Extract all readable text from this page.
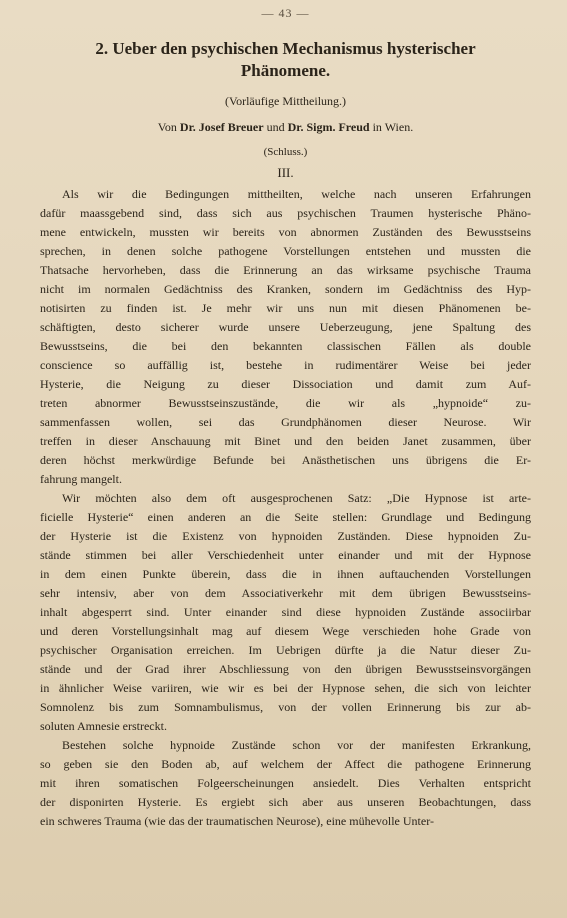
— 43 —
2. Ueber den psychischen Mechanismus hysterischer
Phänomene.
(Vorläufige Mittheilung.)
Von Dr. Josef Breuer und Dr. Sigm. Freud in Wien.
(Schluss.)
III.
Als wir die Bedingungen mittheilten, welche nach unseren Erfahrungen
dafür maassgebend sind, dass sich aus psychischen Traumen hysterische Phäno-
mene entwickeln, mussten wir bereits von abnormen Zuständen des Bewusstseins
sprechen, in denen solche pathogene Vorstellungen entstehen und mussten die
Thatsache hervorheben, dass die Erinnerung an das wirksame psychische Trauma
nicht im normalen Gedächtniss des Kranken, sondern im Gedächtniss des Hyp-
notisirten zu finden ist. Je mehr wir uns nun mit diesen Phänomenen be-
schäftigten, desto sicherer wurde unsere Ueberzeugung, jene Spaltung des
Bewusstseins, die bei den bekannten classischen Fällen als double
conscience so auffällig ist, bestehe in rudimentärer Weise bei jeder
Hysterie, die Neigung zu dieser Dissociation und damit zum Auf-
treten abnormer Bewusstseinszustände, die wir als „hypnoide“ zu-
sammenfassen wollen, sei das Grundphänomen dieser Neurose. Wir
treffen in dieser Anschauung mit Binet und den beiden Janet zusammen, über
deren höchst merkwürdige Befunde bei Anästhetischen uns übrigens die Er-
fahrung mangelt.
Wir möchten also dem oft ausgesprochenen Satz: „Die Hypnose ist arte-
ficielle Hysterie“ einen anderen an die Seite stellen: Grundlage und Bedingung
der Hysterie ist die Existenz von hypnoiden Zuständen. Diese hypnoiden Zu-
stände stimmen bei aller Verschiedenheit unter einander und mit der Hypnose
in dem einen Punkte überein, dass die in ihnen auftauchenden Vorstellungen
sehr intensiv, aber von dem Associativerkehr mit dem übrigen Bewusstseins-
inhalt abgesperrt sind. Unter einander sind diese hypnoiden Zustände associirbar
und deren Vorstellungsinhalt mag auf diesem Wege verschieden hohe Grade von
psychischer Organisation erreichen. Im Uebrigen dürfte ja die Natur dieser Zu-
stände und der Grad ihrer Abschliessung von den übrigen Bewusstseinsvorgängen
in ähnlicher Weise variiren, wie wir es bei der Hypnose sehen, die sich von leichter
Somnolenz bis zum Somnambulismus, von der vollen Erinnerung bis zur ab-
soluten Amnesie erstreckt.
Bestehen solche hypnoide Zustände schon vor der manifesten Erkrankung,
so geben sie den Boden ab, auf welchem der Affect die pathogene Erinnerung
mit ihren somatischen Folgeerscheinungen ansiedelt. Dies Verhalten entspricht
der disponirten Hysterie. Es ergiebt sich aber aus unseren Beobachtungen, dass
ein schweres Trauma (wie das der traumatischen Neurose), eine mühevolle Unter-
